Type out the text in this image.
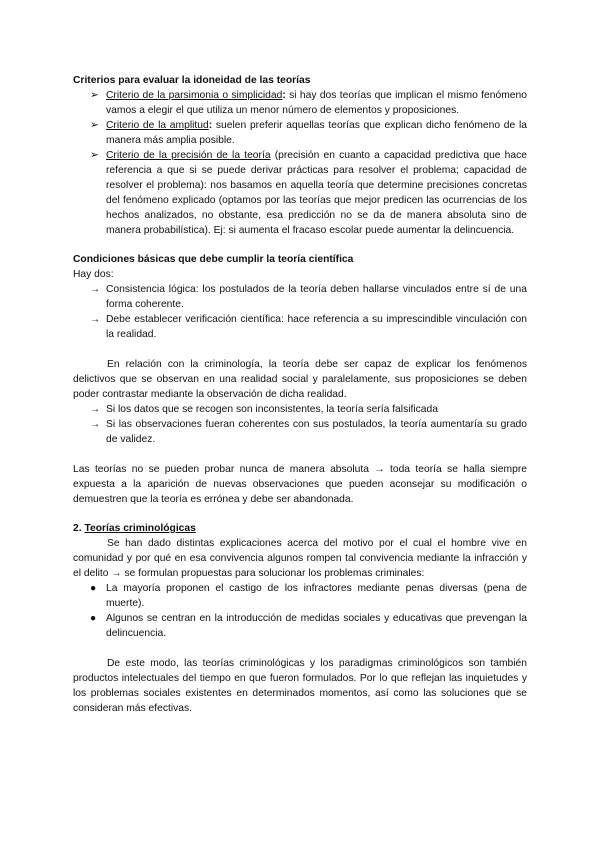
Criterios para evaluar la idoneidad de las teorías

➢ Criterio de la parsimonia o simplicidad: si hay dos teorías que implican el mismo fenómeno vamos a elegir el que utiliza un menor número de elementos y proposiciones.
➢ Criterio de la amplitud: suelen preferir aquellas teorías que explican dicho fenómeno de la manera más amplia posible.
➢ Criterio de la precisión de la teoría (precisión en cuanto a capacidad predictiva que hace referencia a que si se puede derivar prácticas para resolver el problema; capacidad de resolver el problema): nos basamos en aquella teoría que determine precisiones concretas del fenómeno explicado (optamos por las teorías que mejor predicen las ocurrencias de los hechos analizados, no obstante, esa predicción no se da de manera absoluta sino de manera probabilística). Ej: si aumenta el fracaso escolar puede aumentar la delincuencia.

Condiciones básicas que debe cumplir la teoría científica

Hay dos:

→ Consistencia lógica: los postulados de la teoría deben hallarse vinculados entre sí de una forma coherente.
→ Debe establecer verificación científica: hace referencia a su imprescindible vinculación con la realidad.

En relación con la criminología, la teoría debe ser capaz de explicar los fenómenos delictivos que se observan en una realidad social y paralelamente, sus proposiciones se deben poder contrastar mediante la observación de dicha realidad.

→ Si los datos que se recogen son inconsistentes, la teoría sería falsificada
→ Si las observaciones fueran coherentes con sus postulados, la teoría aumentaría su grado de validez.

Las teorías no se pueden probar nunca de manera absoluta → toda teoría se halla siempre expuesta a la aparición de nuevas observaciones que pueden aconsejar su modificación o demuestren que la teoría es errónea y debe ser abandonada.

2. Teorías criminológicas

Se han dado distintas explicaciones acerca del motivo por el cual el hombre vive en comunidad y por qué en esa convivencia algunos rompen tal convivencia mediante la infracción y el delito → se formulan propuestas para solucionar los problemas criminales:

● La mayoría proponen el castigo de los infractores mediante penas diversas (pena de muerte).
● Algunos se centran en la introducción de medidas sociales y educativas que prevengan la delincuencia.

De este modo, las teorías criminológicas y los paradigmas criminológicos son también productos intelectuales del tiempo en que fueron formulados. Por lo que reflejan las inquietudes y los problemas sociales existentes en determinados momentos, así como las soluciones que se consideran más efectivas.
